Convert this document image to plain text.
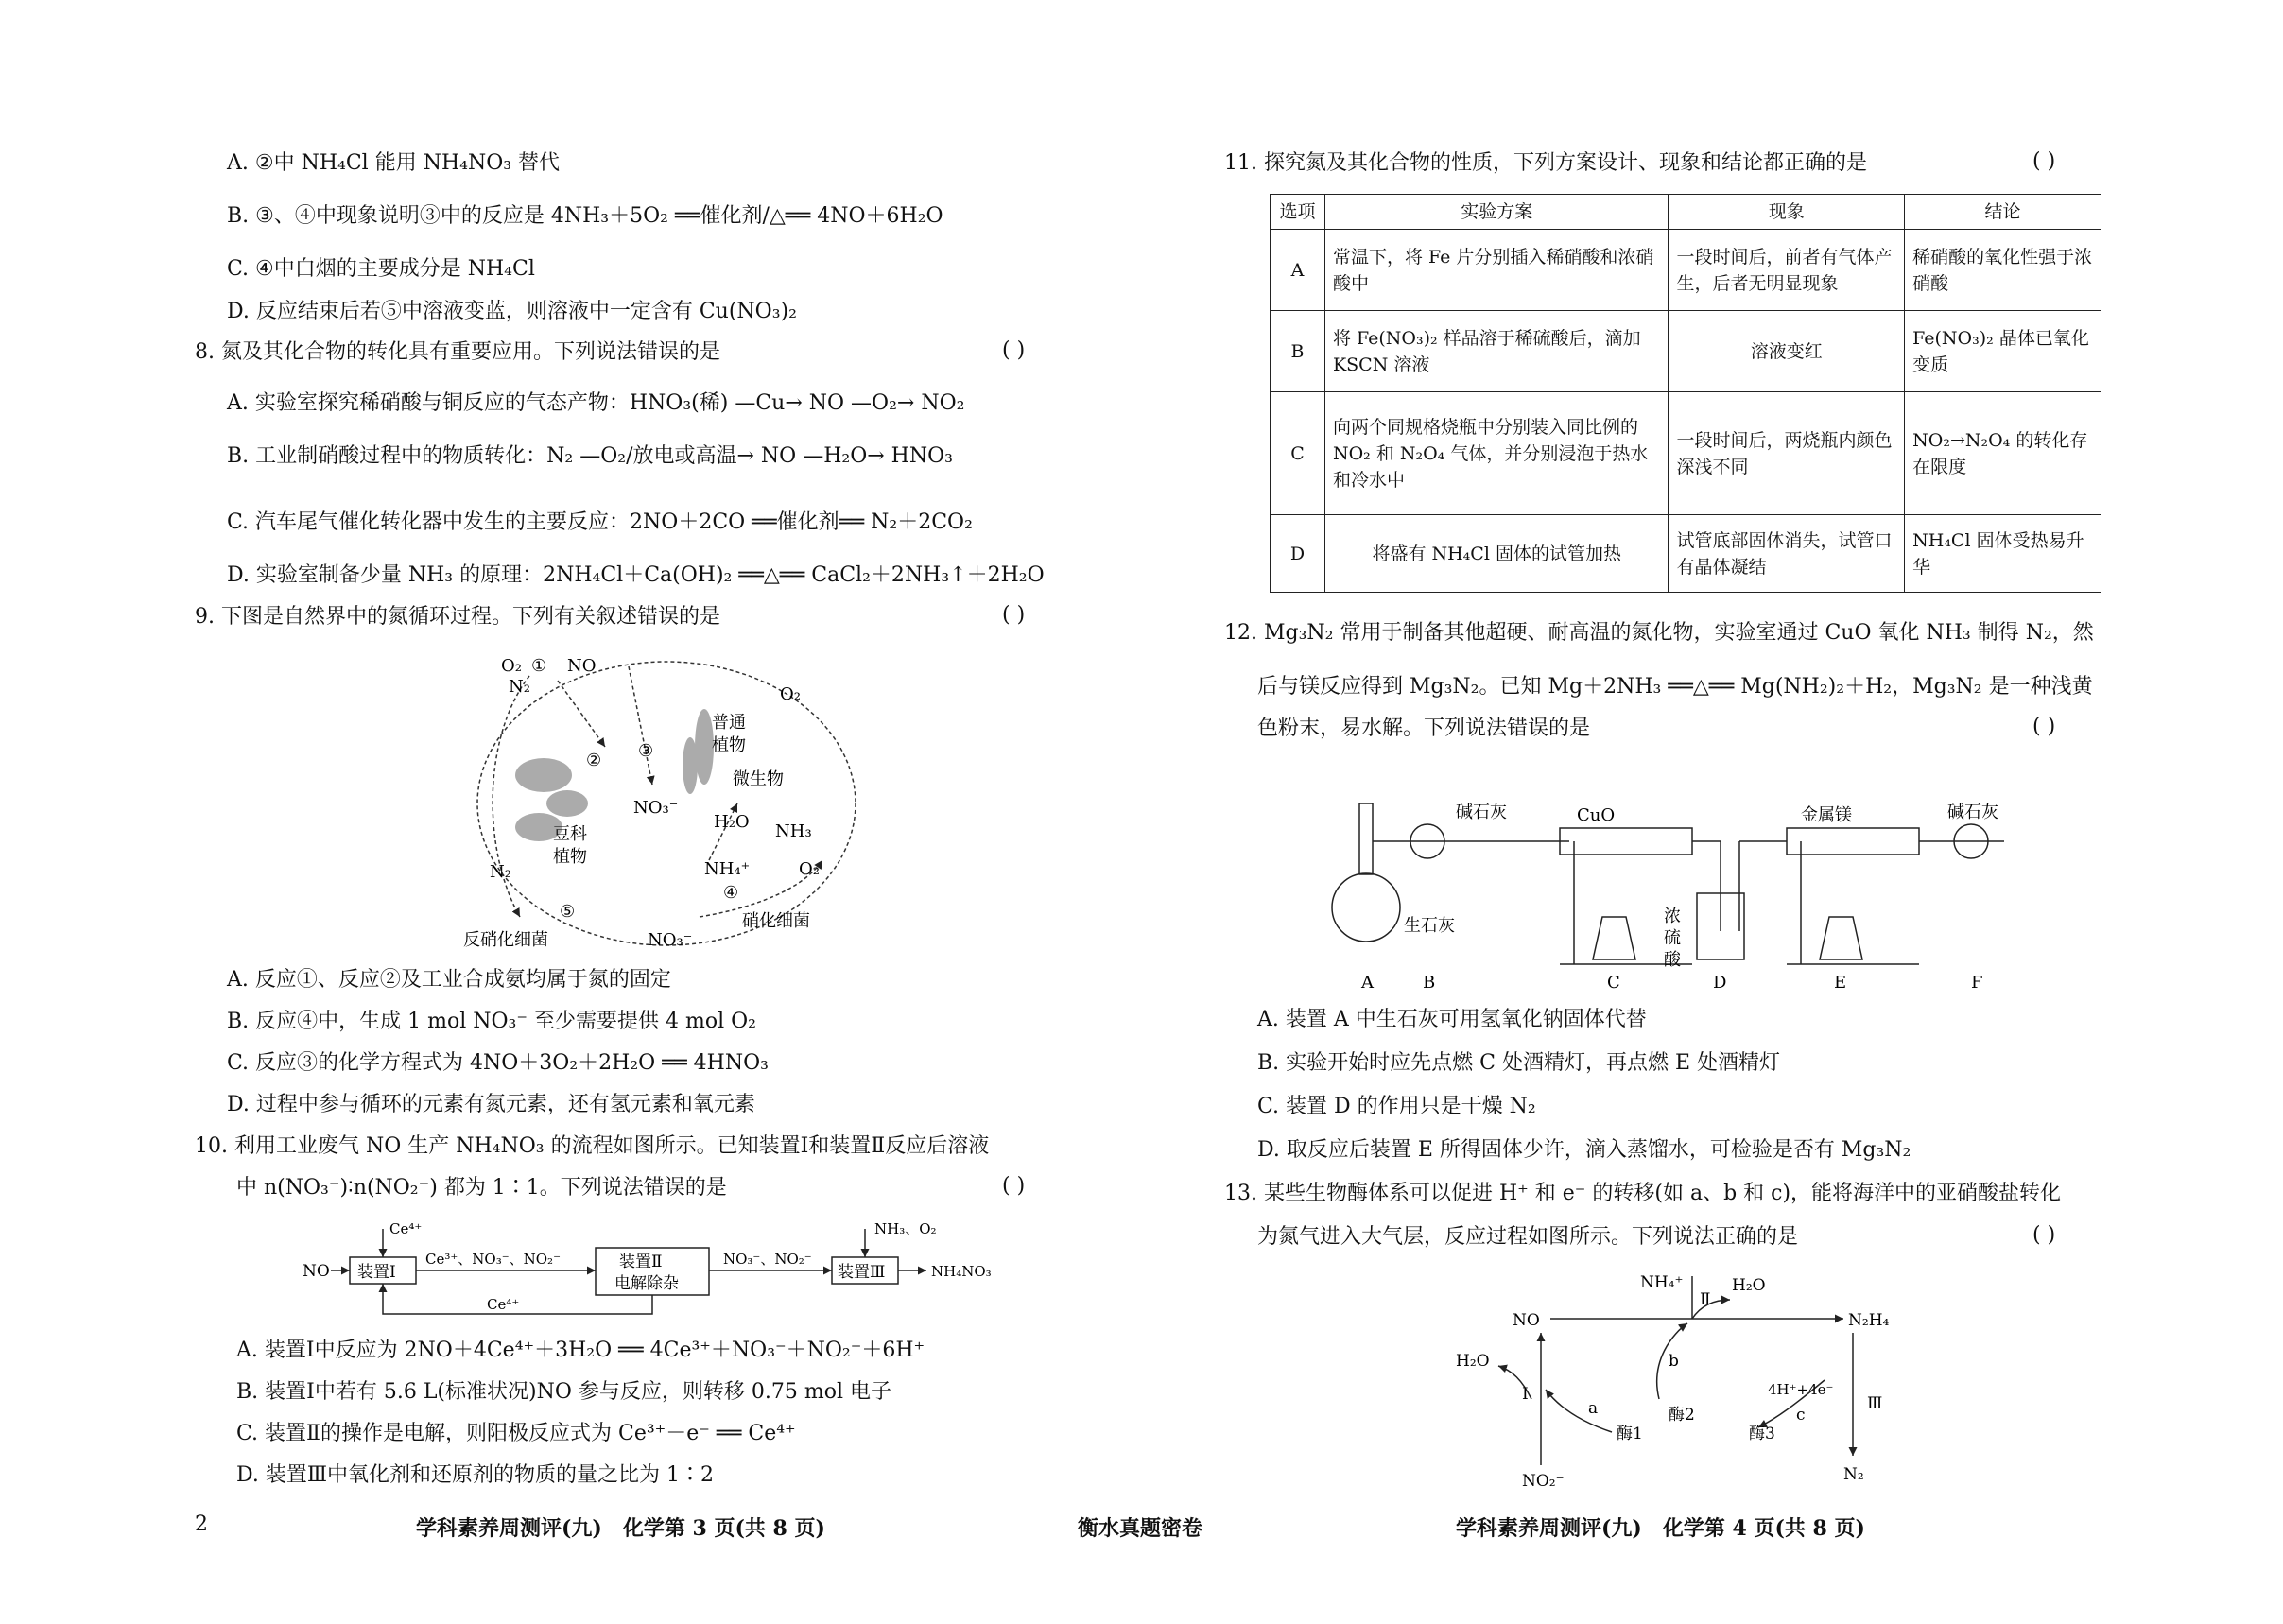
A. ②中 NH₄Cl 能用 NH₄NO₃ 替代
B. ③、④中现象说明③中的反应是 4NH₃＋5O₂ ══催化剂/△══ 4NO＋6H₂O
C. ④中白烟的主要成分是 NH₄Cl
D. 反应结束后若⑤中溶液变蓝，则溶液中一定含有 Cu(NO₃)₂
8. 氮及其化合物的转化具有重要应用。下列说法错误的是	( )
A. 实验室探究稀硝酸与铜反应的气态产物：HNO₃(稀) —Cu→ NO —O₂→ NO₂
B. 工业制硝酸过程中的物质转化：N₂ —O₂/放电或高温→ NO —H₂O→ HNO₃
C. 汽车尾气催化转化器中发生的主要反应：2NO＋2CO ══催化剂══ N₂＋2CO₂
D. 实验室制备少量 NH₃ 的原理：2NH₄Cl＋Ca(OH)₂ ══△══ CaCl₂＋2NH₃↑＋2H₂O
9. 下图是自然界中的氮循环过程。下列有关叙述错误的是	( )
O₂ ① NO
N₂
② ③
O₂
普通
植物
微生物
NO₃⁻
H₂O NH₃
豆科
植物
NH₄⁺
④
O₂
N₂
⑤	硝化细菌
反硝化细菌	NO₃⁻
A. 反应①、反应②及工业合成氨均属于氮的固定
B. 反应④中，生成 1 mol NO₃⁻ 至少需要提供 4 mol O₂
C. 反应③的化学方程式为 4NO＋3O₂＋2H₂O ══ 4HNO₃
D. 过程中参与循环的元素有氮元素，还有氢元素和氧元素
10. 利用工业废气 NO 生产 NH₄NO₃ 的流程如图所示。已知装置Ⅰ和装置Ⅱ反应后溶液
中 n(NO₃⁻)∶n(NO₂⁻) 都为 1∶1。下列说法错误的是	( )
NO 装置Ⅰ
Ce⁴⁺
Ce³⁺、NO₃⁻、NO₂⁻	装置Ⅱ
电解除杂
NO₃⁻、NO₂⁻
NH₃、O₂
装置Ⅲ	NH₄NO₃
Ce⁴⁺
A. 装置Ⅰ中反应为 2NO＋4Ce⁴⁺＋3H₂O ══ 4Ce³⁺＋NO₃⁻＋NO₂⁻＋6H⁺
B. 装置Ⅰ中若有 5.6 L(标准状况)NO 参与反应，则转移 0.75 mol 电子
C. 装置Ⅱ的操作是电解，则阳极反应式为 Ce³⁺－e⁻ ══ Ce⁴⁺
D. 装置Ⅲ中氧化剂和还原剂的物质的量之比为 1∶2
11. 探究氮及其化合物的性质，下列方案设计、现象和结论都正确的是	( )
选项	实验方案	现象	结论
A	常温下，将 Fe 片分别插入稀硝酸和浓硝酸中	一段时间后，前者有气体产生，后者无明显现象	稀硝酸的氧化性强于浓硝酸
B	将 Fe(NO₃)₂ 样品溶于稀硫酸后，滴加 KSCN 溶液	溶液变红	Fe(NO₃)₂ 晶体已氧化变质
C	向两个同规格烧瓶中分别装入同比例的 NO₂ 和 N₂O₄ 气体，并分别浸泡于热水和冷水中	一段时间后，两烧瓶内颜色深浅不同	NO₂→N₂O₄ 的转化存在限度
D	将盛有 NH₄Cl 固体的试管加热	试管底部固体消失，试管口有晶体凝结	NH₄Cl 固体受热易升华
12. Mg₃N₂ 常用于制备其他超硬、耐高温的氮化物，实验室通过 CuO 氧化 NH₃ 制得 N₂，然
后与镁反应得到 Mg₃N₂。已知 Mg＋2NH₃ ══△══ Mg(NH₂)₂＋H₂，Mg₃N₂ 是一种浅黄
色粉末，易水解。下列说法错误的是	( )
碱石灰	CuO	金属镁	碱石灰
生石灰	浓
硫
酸
A	B	C	D	E	F
A. 装置 A 中生石灰可用氢氧化钠固体代替
B. 实验开始时应先点燃 C 处酒精灯，再点燃 E 处酒精灯
C. 装置 D 的作用只是干燥 N₂
D. 取反应后装置 E 所得固体少许，滴入蒸馏水，可检验是否有 Mg₃N₂
13. 某些生物酶体系可以促进 H⁺ 和 e⁻ 的转移(如 a、b 和 c)，能将海洋中的亚硝酸盐转化
为氮气进入大气层，反应过程如图所示。下列说法正确的是	( )
NH₄⁺
Ⅱ
H₂O
NO	N₂H₄
H₂O
Ⅰ
b
4H⁺+4e⁻
a	c
Ⅲ
酶1
酶2
酶3
NO₂⁻	N₂
2	学科素养周测评(九)　化学第 3 页(共 8 页)	衡水真题密卷	学科素养周测评(九)　化学第 4 页(共 8 页)
